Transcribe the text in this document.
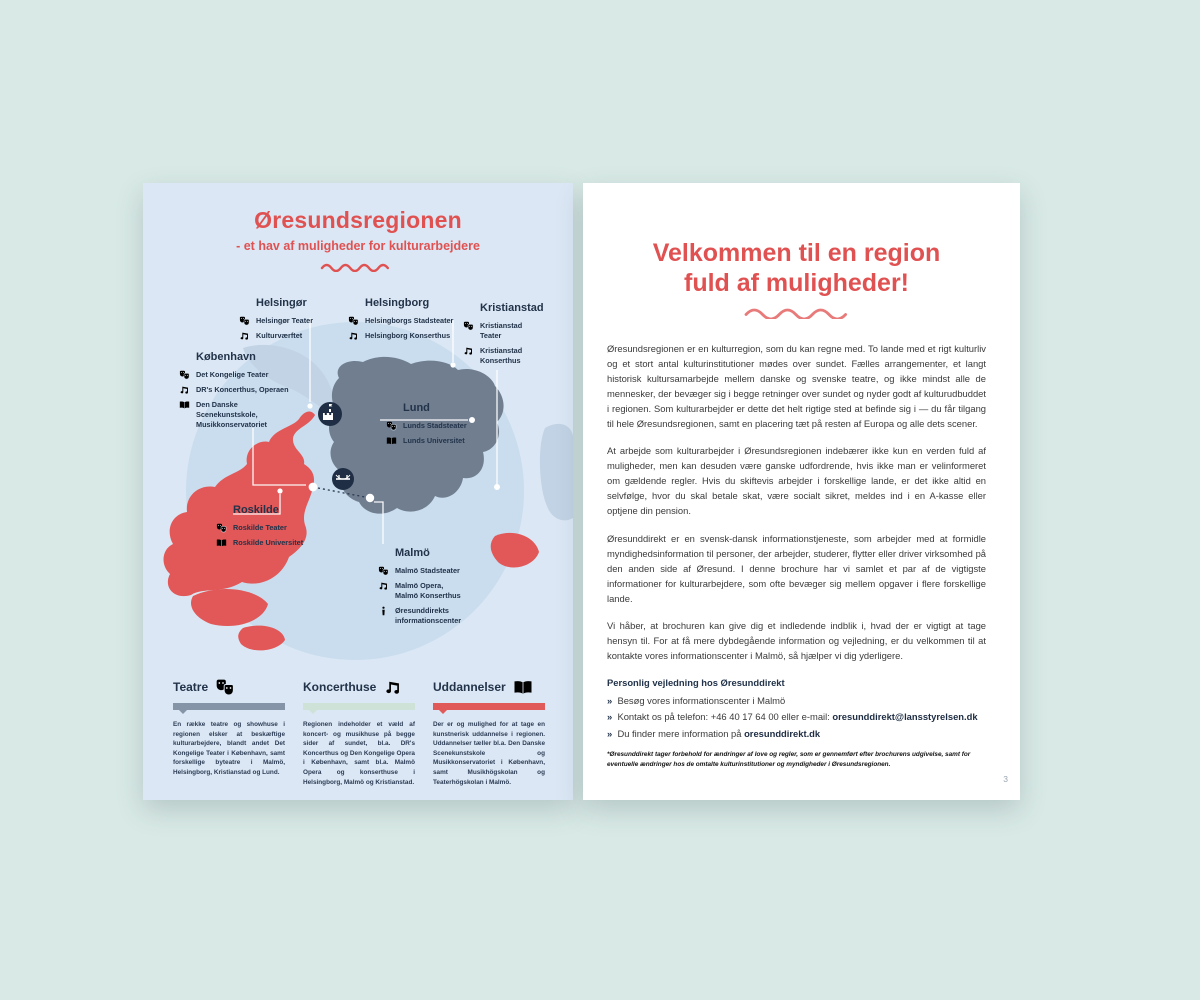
Øresundsregionen
- et hav af muligheder for kulturarbejdere
Helsingør
Helsingør Teater
Kulturværftet
Helsingborg
Helsingborgs Stadsteater
Helsingborg Konserthus
Kristianstad
Kristianstad Teater
Kristianstad Konserthus
København
Det Kongelige Teater
DR's Koncerthus, Operaen
Den Danske Scenekunstskole, Musikkonservatoriet
Lund
Lunds Stadsteater
Lunds Universitet
Roskilde
Roskilde Teater
Roskilde Universitet
Malmö
Malmö Stadsteater
Malmö Opera, Malmö Konserthus
Øresunddirekts informationscenter
Teatre
En række teatre og showhuse i regionen elsker at beskæftige kulturarbejdere, blandt andet Det Kongelige Teater i København, samt forskellige byteatre i Malmö, Helsingborg, Kristianstad og Lund.
Koncerthuse
Regionen indeholder et væld af koncert- og musikhuse på begge sider af sundet, bl.a. DR's Koncerthus og Den Kongelige Opera i København, samt bl.a. Malmö Opera og konserthuse i Helsingborg, Malmö og Kristianstad.
Uddannelser
Der er og mulighed for at tage en kunstnerisk uddannelse i regionen. Uddannelser tæller bl.a. Den Danske Scenekunstskole og Musikkonservatoriet i København, samt Musikhögskolan og Teaterhögskolan i Malmö.
Velkommen til en region
fuld af muligheder!

Øresundsregionen er en kulturregion, som du kan regne med. To lande med et rigt kulturliv og et stort antal kulturinstitutioner mødes over sundet. Fælles arrangementer, et langt historisk kultursamarbejde mellem danske og svenske teatre, og ikke mindst alle de mennesker, der bevæger sig i begge retninger over sundet og nyder godt af kulturudbuddet i regionen. Som kulturarbejder er dette det helt rigtige sted at befinde sig i — du får tilgang til hele Øresundsregionen, samt en placering tæt på resten af Europa og alle dets scener.

At arbejde som kulturarbejder i Øresundsregionen indebærer ikke kun en verden fuld af muligheder, men kan desuden være ganske udfordrende, hvis ikke man er velinformeret om gældende regler. Hvis du skiftevis arbejder i forskellige lande, er det ikke altid en selvfølge, hvor du skal betale skat, være socialt sikret, meldes ind i en A-kasse eller optjene din pension.

Øresunddirekt er en svensk-dansk informationstjeneste, som arbejder med at formidle myndighedsinformation til personer, der arbejder, studerer, flytter eller driver virksomhed på den anden side af Øresund. I denne brochure har vi samlet et par af de vigtigste informationer for kulturarbejdere, som ofte bevæger sig mellem opgaver i flere forskellige lande.

Vi håber, at brochuren kan give dig et indledende indblik i, hvad der er vigtigt at tage hensyn til. For at få mere dybdegående information og vejledning, er du velkommen til at kontakte vores informationscenter i Malmö, så hjælper vi dig yderligere.

Personlig vejledning hos Øresunddirekt
» Besøg vores informationscenter i Malmö
» Kontakt os på telefon: +46 40 17 64 00 eller e-mail: oresunddirekt@lansstyrelsen.dk
» Du finder mere information på oresunddirekt.dk
*Øresunddirekt tager forbehold for ændringer af love og regler, som er gennemført efter brochurens udgivelse, samt for eventuelle ændringer hos de omtalte kulturinstitutioner og myndigheder i Øresundsregionen.
3
